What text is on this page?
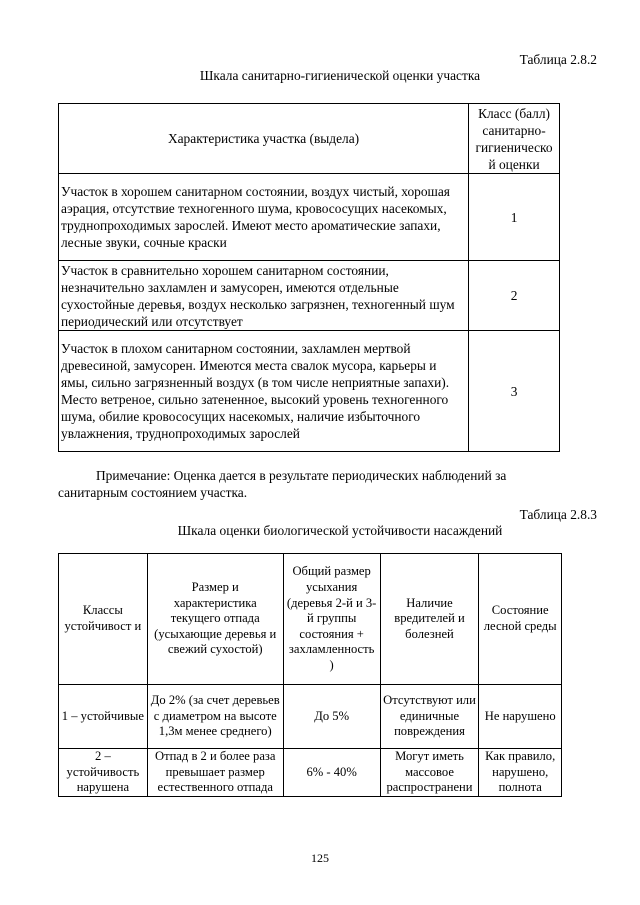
Таблица 2.8.2
Шкала санитарно-гигиенической оценки участка
Характеристика участка (выдела)	Класс (балл) санитарно-гигиеническо й оценки
Участок в хорошем санитарном состоянии, воздух чистый, хорошая аэрация, отсутствие техногенного шума, кровососущих насекомых, труднопроходимых зарослей. Имеют место ароматические запахи, лесные звуки, сочные краски	1
Участок в сравнительно хорошем санитарном состоянии, незначительно захламлен и замусорен, имеются отдельные сухостойные деревья, воздух несколько загрязнен, техногенный шум периодический или отсутствует	2
Участок в плохом санитарном состоянии, захламлен мертвой древесиной, замусорен. Имеются места свалок мусора, карьеры и ямы, сильно загрязненный воздух (в том числе неприятные запахи). Место ветреное, сильно затененное, высокий уровень техногенного шума, обилие кровососущих насекомых, наличие избыточного увлажнения, труднопроходимых зарослей	3
Примечание: Оценка дается в результате периодических наблюдений за санитарным состоянием участка.
Таблица 2.8.3
Шкала оценки биологической устойчивости насаждений
Классы устойчивост и	Размер и характеристика текущего отпада (усыхающие деревья и свежий сухостой)	Общий размер усыхания (деревья 2-й и 3-й группы состояния + захламленность )	Наличие вредителей и болезней	Состояние лесной среды
1 – устойчивые	До 2% (за счет деревьев с диаметром на высоте 1,3м менее среднего)	До 5%	Отсутствуют или единичные повреждения	Не нарушено
2 – устойчивость нарушена	Отпад в 2 и более раза превышает размер естественного отпада	6% - 40%	Могут иметь массовое распространени	Как правило, нарушено, полнота
125
